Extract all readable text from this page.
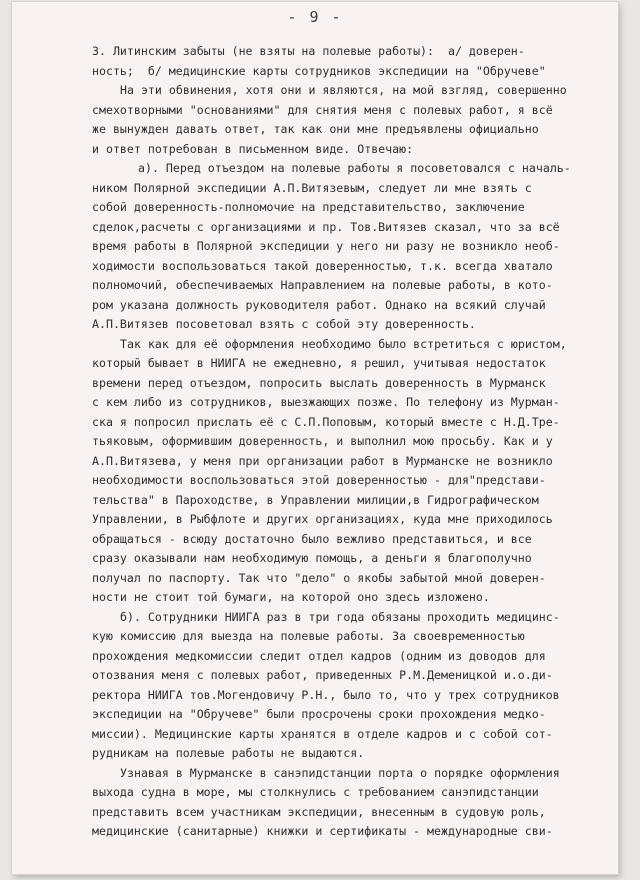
- 9 -
3. Литинским забыты (не взяты на полевые работы):  а/ доверен-
ность;  б/ медицинские карты сотрудников экспедиции на "Обручеве"
На эти обвинения, хотя они и являются, на мой взгляд, совершенно
смехотворными "основаниями" для снятия меня с полевых работ, я всё
же вынужден давать ответ, так как они мне предъявлены официально
и ответ потребован в письменном виде. Отвечаю:
а). Перед отъездом на полевые работы я посоветовался с началь-
ником Полярной экспедиции А.П.Витязевым, следует ли мне взять с
собой доверенность-полномочие на представительство, заключение
сделок,расчеты с организациями и пр. Тов.Витязев сказал, что за всё
время работы в Полярной экспедиции у него ни разу не возникло необ-
ходимости воспользоваться такой доверенностью, т.к. всегда хватало
полномочий, обеспечиваемых Направлением на полевые работы, в кото-
ром указана должность руководителя работ. Однако на всякий случай
А.П.Витязев посоветовал взять с собой эту доверенность.
Так как для её оформления необходимо было встретиться с юристом,
который бывает в НИИГА не ежедневно, я решил, учитывая недостаток
времени перед отъездом, попросить выслать доверенность в Мурманск
с кем либо из сотрудников, выезжающих позже. По телефону из Мурман-
ска я попросил прислать её с С.П.Поповым, который вместе с Н.Д.Тре-
тьяковым, оформившим доверенность, и выполнил мою просьбу. Как и у
А.П.Витязева, у меня при организации работ в Мурманске не возникло
необходимости воспользоваться этой доверенностью - для"представи-
тельства" в Пароходстве, в Управлении милиции,в Гидрографическом
Управлении, в Рыбфлоте и других организациях, куда мне приходилось
обращаться - всюду достаточно было вежливо представиться, и все
сразу оказывали нам необходимую помощь, а деньги я благополучно
получал по паспорту. Так что "дело" о якобы забытой мной доверен-
ности не стоит той бумаги, на которой оно здесь изложено.
б). Сотрудники НИИГА раз в три года обязаны проходить медицинс-
кую комиссию для выезда на полевые работы. За своевременностью
прохождения медкомиссии следит отдел кадров (одним из доводов для
отозвания меня с полевых работ, приведенных Р.М.Деменицкой и.о.ди-
ректора НИИГА тов.Могендовичу Р.Н., было то, что у трех сотрудников
экспедиции на "Обручеве" были просрочены сроки прохождения медко-
миссии). Медицинские карты хранятся в отделе кадров и с собой сот-
рудникам на полевые работы не выдаются.
Узнавая в Мурманске в санэпидстанции порта о порядке оформления
выхода судна в море, мы столкнулись с требованием санэпидстанции
представить всем участникам экспедиции, внесенным в судовую роль,
медицинские (санитарные) книжки и сертификаты - международные сви-
